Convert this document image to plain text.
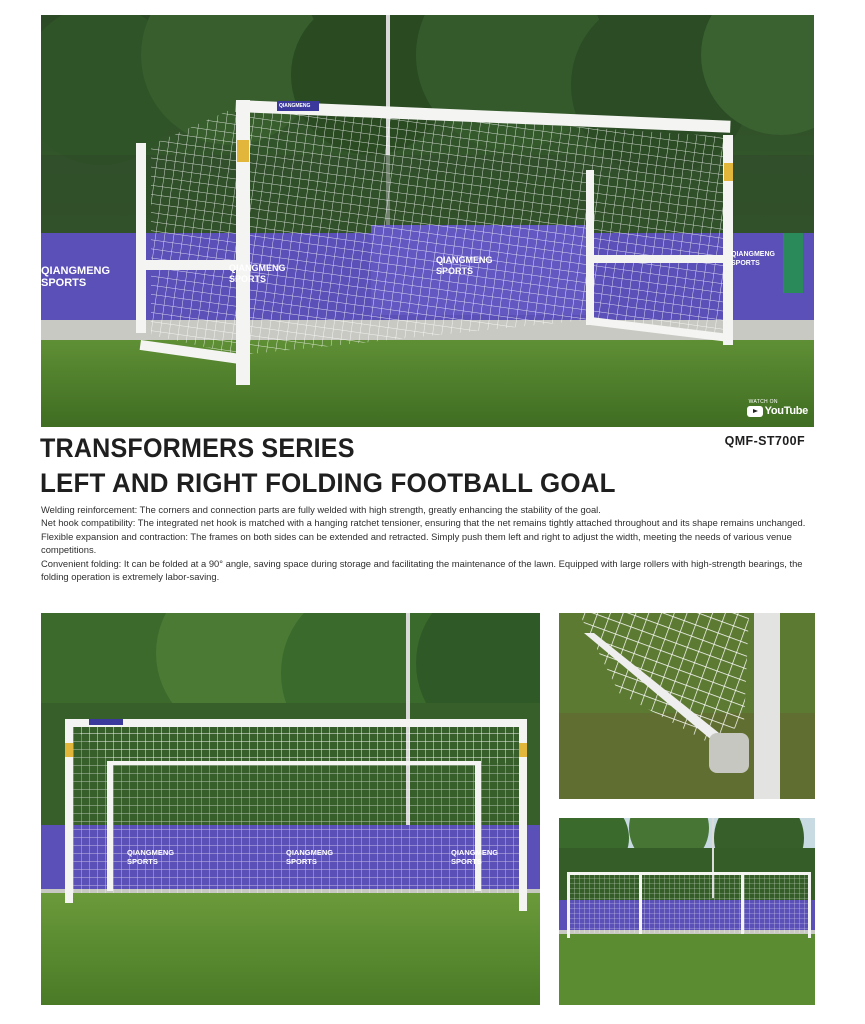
QIANGMENG
SPORTS
QIANGMENG SPORTS
QIANGMENG SPORTS
QIANGMENG SPORTS
QIANGMENG
WATCH ON
YouTube
QMF-ST700F
TRANSFORMERS SERIES
LEFT AND RIGHT FOLDING FOOTBALL GOAL

Welding reinforcement: The corners and connection parts are fully welded with high strength, greatly enhancing the stability of the goal.

Net hook compatibility: The integrated net hook is matched with a hanging ratchet tensioner, ensuring that the net remains tightly attached throughout and its shape remains unchanged.

Flexible expansion and contraction: The frames on both sides can be extended and retracted. Simply push them left and right to adjust the width, meeting the needs of various venue competitions.

Convenient folding: It can be folded at a 90° angle, saving space during storage and facilitating the maintenance of the lawn. Equipped with large rollers with high-strength bearings, the folding operation is extremely labor-saving.

QIANGMENG SPORTS
QIANGMENG SPORTS
QIANGMENG SPORTS
